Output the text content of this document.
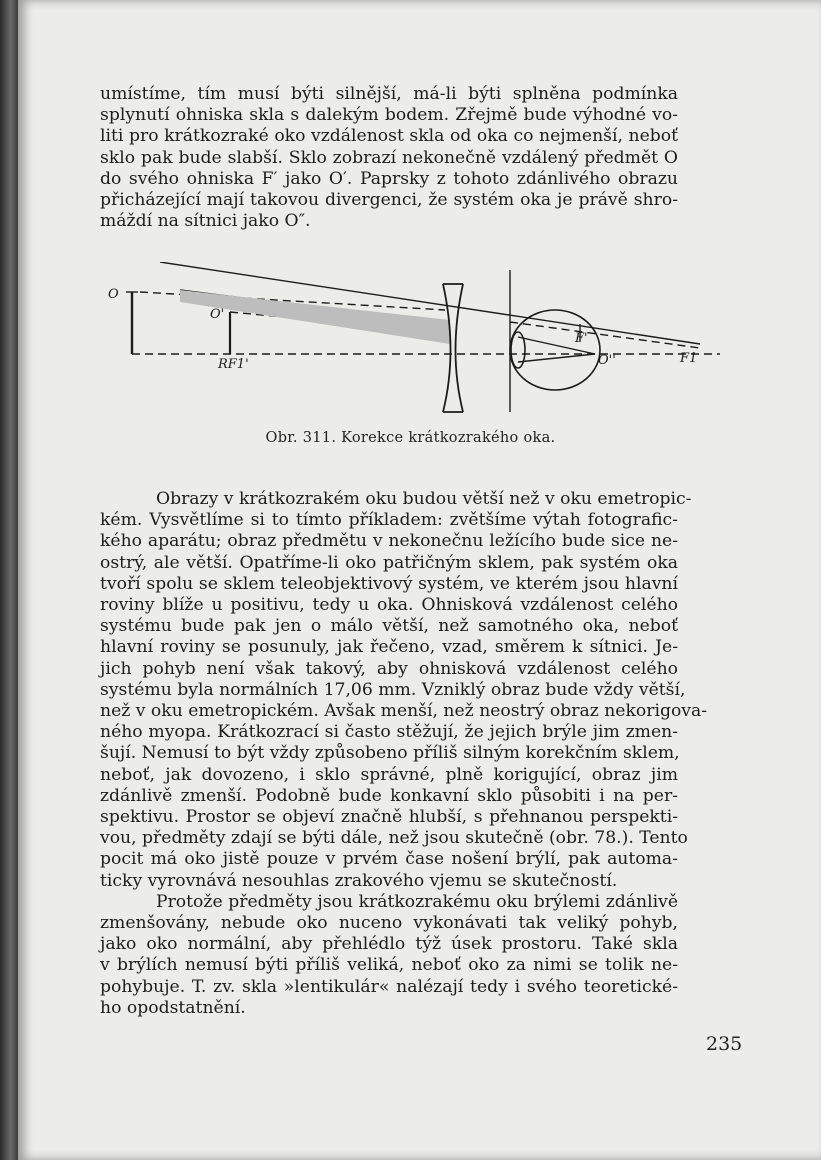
umístíme, tím musí býti silnější, má-li býti splněna podmínka
splynutí ohniska skla s dalekým bodem. Zřejmě bude výhodné vo-
liti pro krátkozraké oko vzdálenost skla od oka co nejmenší, neboť
sklo pak bude slabší. Sklo zobrazí nekonečně vzdálený předmět O
do svého ohniska F′ jako O′. Paprsky z tohoto zdánlivého obrazu
přicházející mají takovou divergenci, že systém oka je právě shro-
máždí na sítnici jako O″.
O
O'
RF1'
F'
O''	F1
Obr. 311. Korekce krátkozrakého oka.
Obrazy v krátkozrakém oku budou větší než v oku emetropic-
kém. Vysvětlíme si to tímto příkladem: zvětšíme výtah fotografic-
kého aparátu; obraz předmětu v nekonečnu ležícího bude sice ne-
ostrý, ale větší. Opatříme-li oko patřičným sklem, pak systém oka
tvoří spolu se sklem teleobjektivový systém, ve kterém jsou hlavní
roviny blíže u positivu, tedy u oka. Ohnisková vzdálenost celého
systému bude pak jen o málo větší, než samotného oka, neboť
hlavní roviny se posunuly, jak řečeno, vzad, směrem k sítnici. Je-
jich pohyb není však takový, aby ohnisková vzdálenost celého
systému byla normálních 17,06 mm. Vzniklý obraz bude vždy větší,
než v oku emetropickém. Avšak menší, než neostrý obraz nekorigova-
ného myopa. Krátkozrací si často stěžují, že jejich brýle jim zmen-
šují. Nemusí to být vždy způsobeno příliš silným korekčním sklem,
neboť, jak dovozeno, i sklo správné, plně korigující, obraz jim
zdánlivě zmenší. Podobně bude konkavní sklo působiti i na per-
spektivu. Prostor se objeví značně hlubší, s přehnanou perspekti-
vou, předměty zdají se býti dále, než jsou skutečně (obr. 78.). Tento
pocit má oko jistě pouze v prvém čase nošení brýlí, pak automa-
ticky vyrovnává nesouhlas zrakového vjemu se skutečností.
Protože předměty jsou krátkozrakému oku brýlemi zdánlivě
zmenšovány, nebude oko nuceno vykonávati tak veliký pohyb,
jako oko normální, aby přehlédlo týž úsek prostoru. Také skla
v brýlích nemusí býti příliš veliká, neboť oko za nimi se tolik ne-
pohybuje. T. zv. skla »lentikulár« nalézají tedy i svého teoretické-
ho opodstatnění.
235
